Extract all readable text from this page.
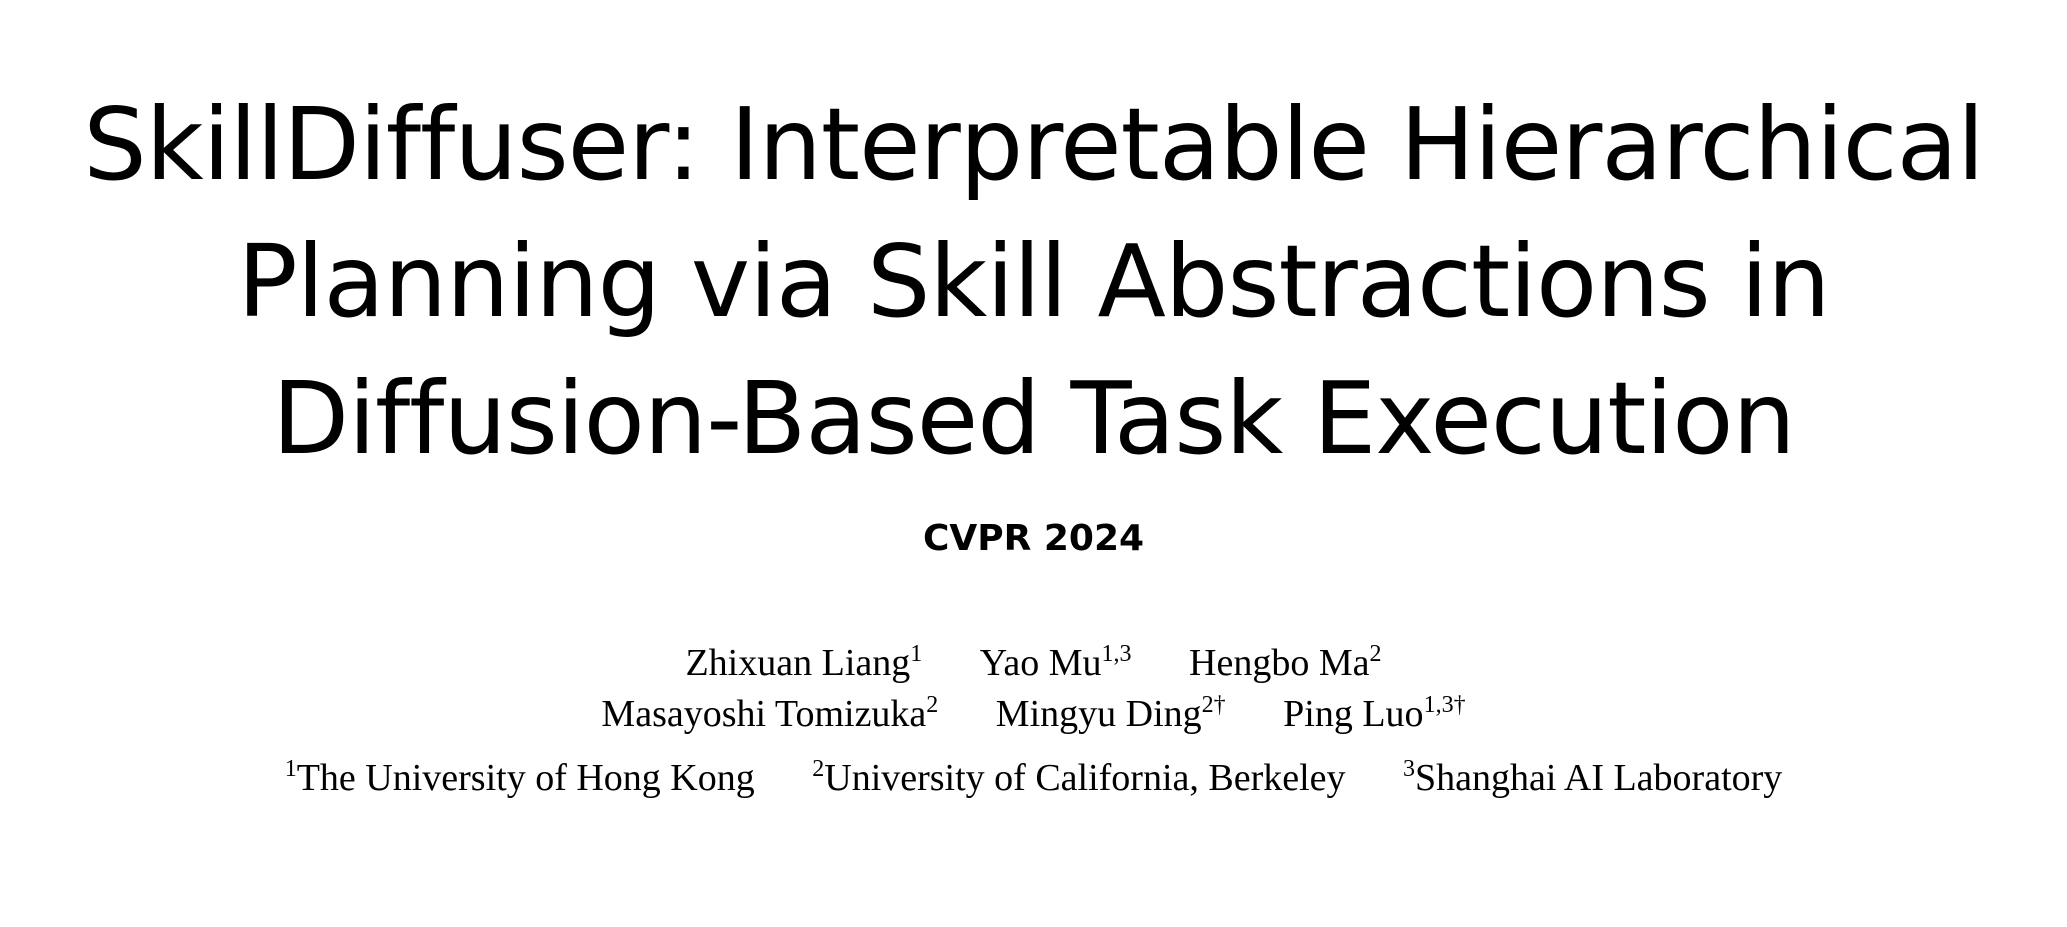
SkillDiffuser: Interpretable Hierarchical
Planning via Skill Abstractions in
Diffusion-Based Task Execution
CVPR 2024
Zhixuan Liang$^1$ Yao Mu$^{1,3}$ Hengbo Ma$^2$
Masayoshi Tomizuka$^2$ Mingyu Ding$^{2\dagger}$ Ping Luo$^{1,3\dagger}$
$^1$The University of Hong Kong $^2$University of California, Berkeley $^3$Shanghai AI Laboratory
